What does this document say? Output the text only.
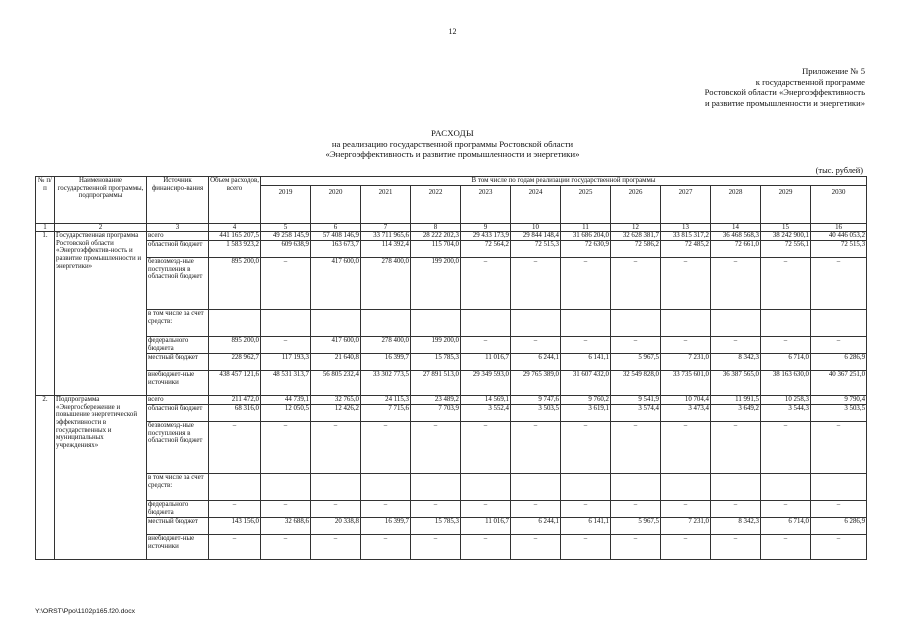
12
Приложение № 5
к государственной программе
Ростовской области «Энергоэффективность
и развитие промышленности и энергетики»
РАСХОДЫ
на реализацию государственной программы Ростовской области
«Энергоэффективность и развитие промышленности и энергетики»
(тыс. рублей)
№ п/п	Наименование государственной программы, подпрограммы	Источник финансиро-вания	Объем расходов, всего	В том числе по годам реализации государственной программы											
				2019	2020	2021	2022	2023	2024	2025	2026	2027	2028	2029	2030
1	2	3	4	5	6	7	8	9	10	11	12	13	14	15	16
1.	Государственная программа Ростовской области «Энергоэффектив-ность и развитие промышленности и энергетики»	всего	441 165 207,5	49 258 145,9	57 408 146,9	33 711 965,6	28 222 202,3	29 433 173,9	29 844 148,4	31 686 204,0	32 628 381,7	33 815 317,2	36 468 568,3	38 242 900,1	40 446 053,2
		областной бюджет	1 583 923,2	609 638,9	163 673,7	114 392,4	115 704,0	72 564,2	72 515,3	72 630,9	72 586,2	72 485,2	72 661,0	72 556,1	72 515,3
		безвозмезд-ные поступления в областной бюджет	895 200,0	–	417 600,0	278 400,0	199 200,0	–	–	–	–	–	–	–	–
		в том числе за счет средств:													
		федерального бюджета	895 200,0	–	417 600,0	278 400,0	199 200,0	–	–	–	–	–	–	–	–
		местный бюджет	228 962,7	117 193,3	21 640,8	16 399,7	15 785,3	11 016,7	6 244,1	6 141,1	5 967,5	7 231,0	8 342,3	6 714,0	6 286,9
		внебюджет-ные источники	438 457 121,6	48 531 313,7	56 805 232,4	33 302 773,5	27 891 513,0	29 349 593,0	29 765 389,0	31 607 432,0	32 549 828,0	33 735 601,0	36 387 565,0	38 163 630,0	40 367 251,0
2.	Подпрограмма «Энергосбережение и повышение энергетической эффективности в государственных и муниципальных учреждениях»	всего	211 472,0	44 739,1	32 765,0	24 115,3	23 489,2	14 569,1	9 747,6	9 760,2	9 541,9	10 704,4	11 991,5	10 258,3	9 790,4
		областной бюджет	68 316,0	12 050,5	12 426,2	7 715,6	7 703,9	3 552,4	3 503,5	3 619,1	3 574,4	3 473,4	3 649,2	3 544,3	3 503,5
		безвозмезд-ные поступления в областной бюджет	–	–	–	–	–	–	–	–	–	–	–	–	–
		в том числе за счет средств:													
		федерального бюджета	–	–	–	–	–	–	–	–	–	–	–	–	–
		местный бюджет	143 156,0	32 688,6	20 338,8	16 399,7	15 785,3	11 016,7	6 244,1	6 141,1	5 967,5	7 231,0	8 342,3	6 714,0	6 286,9
		внебюджет-ные источники	–	–	–	–	–	–	–	–	–	–	–	–	–
Y:\ORST\Ppo\1102p165.f20.docx
